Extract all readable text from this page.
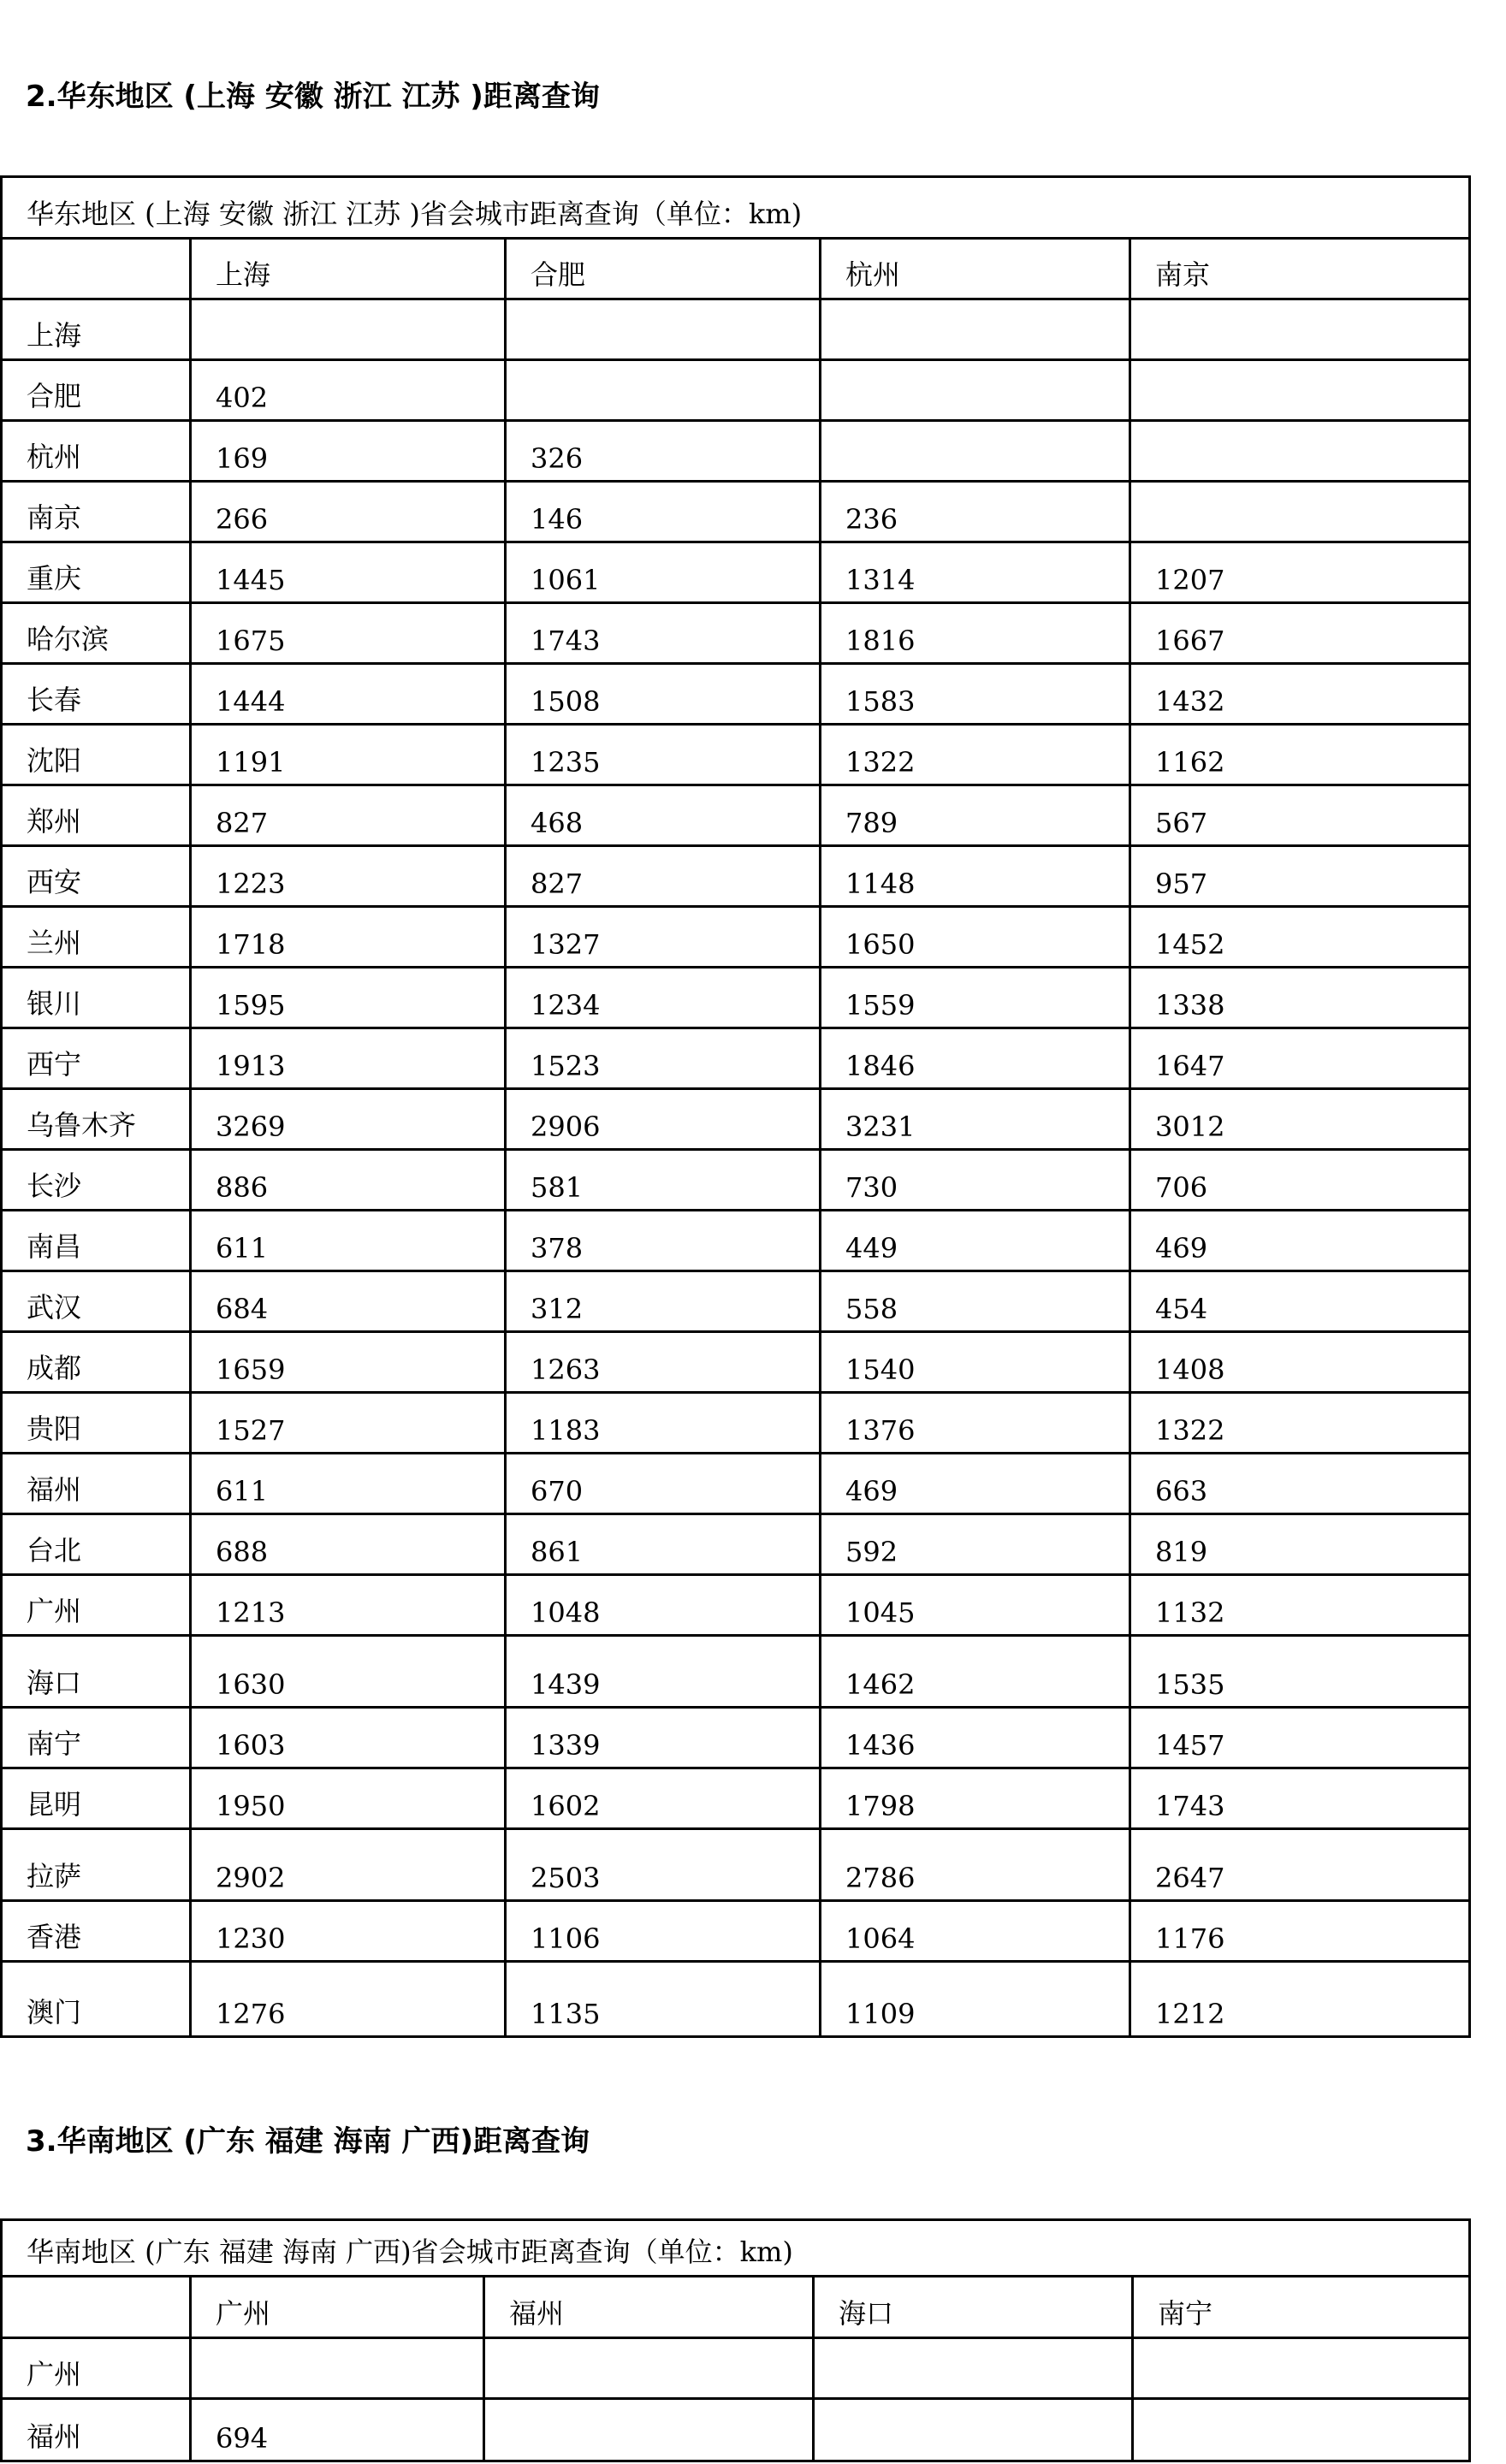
2.华东地区 (上海 安徽 浙江 江苏 )距离查询
华东地区 (上海 安徽 浙江 江苏 )省会城市距离查询（单位：km)				
	上海	合肥	杭州	南京
上海				
合肥	402			
杭州	169	326		
南京	266	146	236	
重庆	1445	1061	1314	1207
哈尔滨	1675	1743	1816	1667
长春	1444	1508	1583	1432
沈阳	1191	1235	1322	1162
郑州	827	468	789	567
西安	1223	827	1148	957
兰州	1718	1327	1650	1452
银川	1595	1234	1559	1338
西宁	1913	1523	1846	1647
乌鲁木齐	3269	2906	3231	3012
长沙	886	581	730	706
南昌	611	378	449	469
武汉	684	312	558	454
成都	1659	1263	1540	1408
贵阳	1527	1183	1376	1322
福州	611	670	469	663
台北	688	861	592	819
广州	1213	1048	1045	1132
海口	1630	1439	1462	1535
南宁	1603	1339	1436	1457
昆明	1950	1602	1798	1743
拉萨	2902	2503	2786	2647
香港	1230	1106	1064	1176
澳门	1276	1135	1109	1212
3.华南地区 (广东 福建 海南 广西)距离查询
华南地区 (广东 福建 海南 广西)省会城市距离查询（单位：km)				
	广州	福州	海口	南宁
广州				
福州	694			
